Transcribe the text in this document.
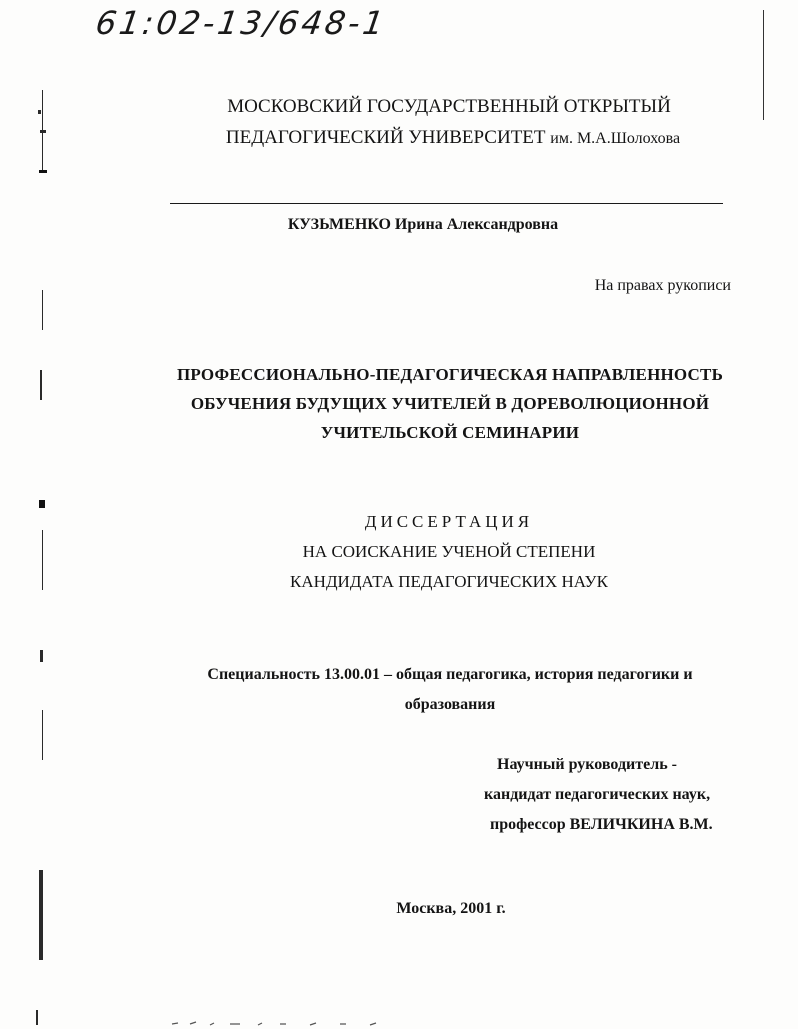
61:02-13/648-1
МОСКОВСКИЙ ГОСУДАРСТВЕННЫЙ ОТКРЫТЫЙ
ПЕДАГОГИЧЕСКИЙ УНИВЕРСИТЕТ им. М.А.Шолохова
КУЗЬМЕНКО Ирина Александровна
На правах рукописи
ПРОФЕССИОНАЛЬНО-ПЕДАГОГИЧЕСКАЯ НАПРАВЛЕННОСТЬ
ОБУЧЕНИЯ БУДУЩИХ УЧИТЕЛЕЙ В ДОРЕВОЛЮЦИОННОЙ
УЧИТЕЛЬСКОЙ СЕМИНАРИИ
ДИССЕРТАЦИЯ
НА СОИСКАНИЕ УЧЕНОЙ СТЕПЕНИ
КАНДИДАТА ПЕДАГОГИЧЕСКИХ НАУК
Специальность 13.00.01 – общая педагогика, история педагогики и
образования
Научный руководитель -
кандидат педагогических наук,
профессор ВЕЛИЧКИНА В.М.
Москва, 2001 г.
